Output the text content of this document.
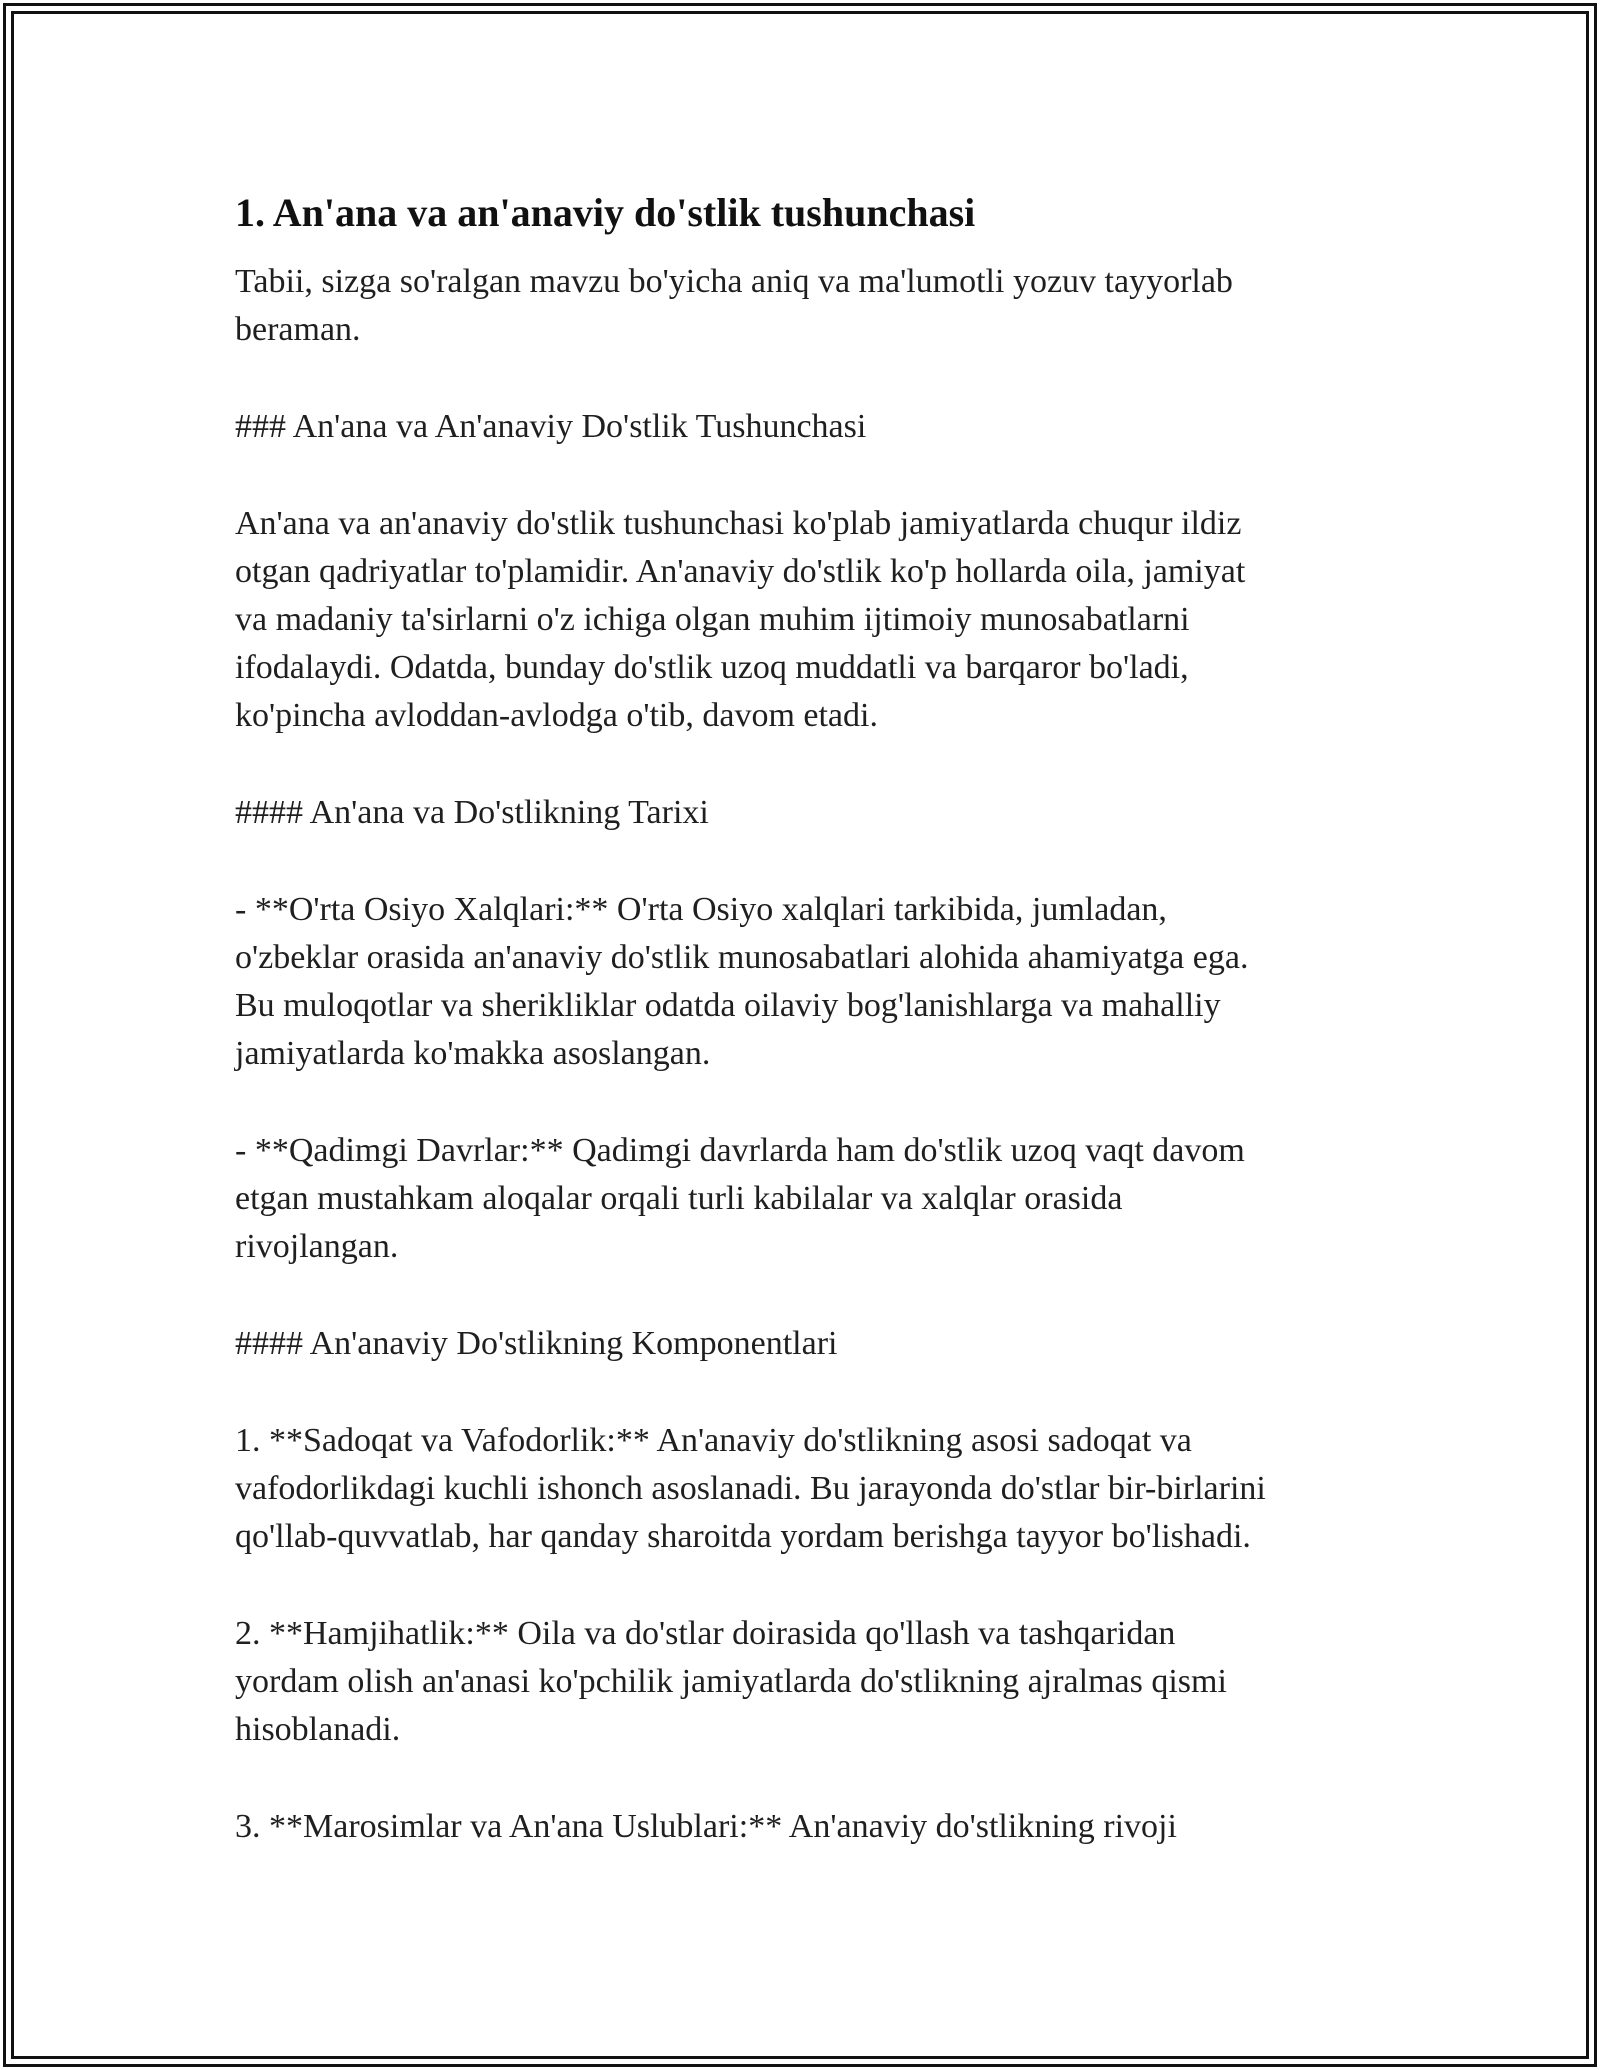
1. An'ana va an'anaviy do'stlik tushunchasi

Tabii, sizga so'ralgan mavzu bo'yicha aniq va ma'lumotli yozuv tayyorlab
beraman.

### An'ana va An'anaviy Do'stlik Tushunchasi

An'ana va an'anaviy do'stlik tushunchasi ko'plab jamiyatlarda chuqur ildiz
otgan qadriyatlar to'plamidir. An'anaviy do'stlik ko'p hollarda oila, jamiyat
va madaniy ta'sirlarni o'z ichiga olgan muhim ijtimoiy munosabatlarni
ifodalaydi. Odatda, bunday do'stlik uzoq muddatli va barqaror bo'ladi,
ko'pincha avloddan-avlodga o'tib, davom etadi.

#### An'ana va Do'stlikning Tarixi

- **O'rta Osiyo Xalqlari:** O'rta Osiyo xalqlari tarkibida, jumladan,
o'zbeklar orasida an'anaviy do'stlik munosabatlari alohida ahamiyatga ega.
Bu muloqotlar va sherikliklar odatda oilaviy bog'lanishlarga va mahalliy
jamiyatlarda ko'makka asoslangan.

- **Qadimgi Davrlar:** Qadimgi davrlarda ham do'stlik uzoq vaqt davom
etgan mustahkam aloqalar orqali turli kabilalar va xalqlar orasida
rivojlangan.

#### An'anaviy Do'stlikning Komponentlari

1. **Sadoqat va Vafodorlik:** An'anaviy do'stlikning asosi sadoqat va
vafodorlikdagi kuchli ishonch asoslanadi. Bu jarayonda do'stlar bir-birlarini
qo'llab-quvvatlab, har qanday sharoitda yordam berishga tayyor bo'lishadi.

2. **Hamjihatlik:** Oila va do'stlar doirasida qo'llash va tashqaridan
yordam olish an'anasi ko'pchilik jamiyatlarda do'stlikning ajralmas qismi
hisoblanadi.

3. **Marosimlar va An'ana Uslublari:** An'anaviy do'stlikning rivoji
